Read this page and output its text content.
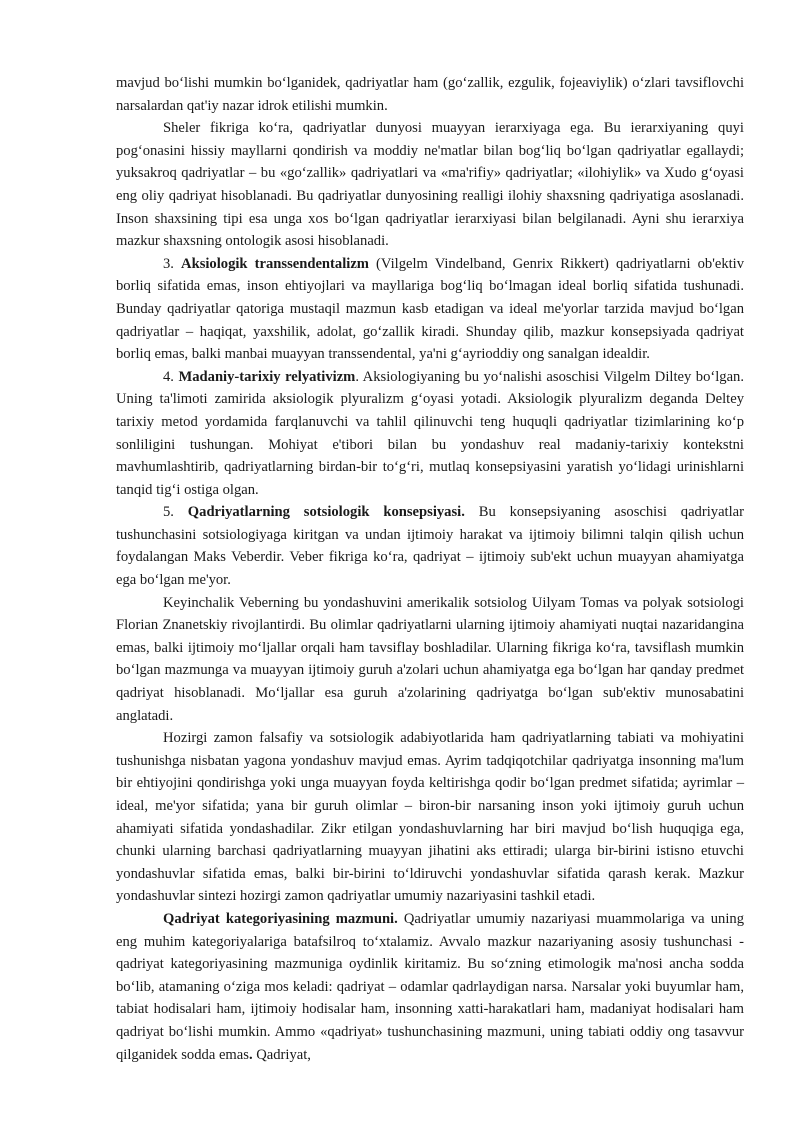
mavjud boʻlishi mumkin boʻlganidek, qadriyatlar ham (goʻzallik, ezgulik, fojeaviylik) oʻzlari tavsiflovchi narsalardan qat'iy nazar idrok etilishi mumkin.

Sheler fikriga koʻra, qadriyatlar dunyosi muayyan ierarxiyaga ega. Bu ierarxiyaning quyi pogʻonasini hissiy mayllarni qondirish va moddiy ne'matlar bilan bogʻliq boʻlgan qadriyatlar egallaydi; yuksakroq qadriyatlar – bu «goʻzallik» qadriyatlari va «ma'rifiy» qadriyatlar; «ilohiylik» va Xudo gʻoyasi eng oliy qadriyat hisoblanadi. Bu qadriyatlar dunyosining realligi ilohiy shaxsning qadriyatiga asoslanadi. Inson shaxsining tipi esa unga xos boʻlgan qadriyatlar ierarxiyasi bilan belgilanadi. Ayni shu ierarxiya mazkur shaxsning ontologik asosi hisoblanadi.

3. Aksiologik transsendentalizm (Vilgelm Vindelband, Genrix Rikkert) qadriyatlarni ob'ektiv borliq sifatida emas, inson ehtiyojlari va mayllariga bogʻliq boʻlmagan ideal borliq sifatida tushunadi. Bunday qadriyatlar qatoriga mustaqil mazmun kasb etadigan va ideal me'yorlar tarzida mavjud boʻlgan qadriyatlar – haqiqat, yaxshilik, adolat, goʻzallik kiradi. Shunday qilib, mazkur konsepsiyada qadriyat borliq emas, balki manbai muayyan transsendental, ya'ni gʻayrioddiy ong sanalgan idealdir.

4. Madaniy-tarixiy relyativizm. Aksiologiyaning bu yoʻnalishi asoschisi Vilgelm Diltey boʻlgan. Uning ta'limoti zamirida aksiologik plyuralizm gʻoyasi yotadi. Aksiologik plyuralizm deganda Deltey tarixiy metod yordamida farqlanuvchi va tahlil qilinuvchi teng huquqli qadriyatlar tizimlarining koʻp sonliligini tushungan. Mohiyat e'tibori bilan bu yondashuv real madaniy-tarixiy kontekstni mavhumlashtirib, qadriyatlarning birdan-bir toʻgʻri, mutlaq konsepsiyasini yaratish yoʻlidagi urinishlarni tanqid tigʻi ostiga olgan.

5. Qadriyatlarning sotsiologik konsepsiyasi. Bu konsepsiyaning asoschisi qadriyatlar tushunchasini sotsiologiyaga kiritgan va undan ijtimoiy harakat va ijtimoiy bilimni talqin qilish uchun foydalangan Maks Veberdir. Veber fikriga koʻra, qadriyat – ijtimoiy sub'ekt uchun muayyan ahamiyatga ega boʻlgan me'yor.

Keyinchalik Veberning bu yondashuvini amerikalik sotsiolog Uilyam Tomas va polyak sotsiologi Florian Znanetskiy rivojlantirdi. Bu olimlar qadriyatlarni ularning ijtimoiy ahamiyati nuqtai nazaridangina emas, balki ijtimoiy moʻljallar orqali ham tavsiflay boshladilar. Ularning fikriga koʻra, tavsiflash mumkin boʻlgan mazmunga va muayyan ijtimoiy guruh a'zolari uchun ahamiyatga ega boʻlgan har qanday predmet qadriyat hisoblanadi. Moʻljallar esa guruh a'zolarining qadriyatga boʻlgan sub'ektiv munosabatini anglatadi.

Hozirgi zamon falsafiy va sotsiologik adabiyotlarida ham qadriyatlarning tabiati va mohiyatini tushunishga nisbatan yagona yondashuv mavjud emas. Ayrim tadqiqotchilar qadriyatga insonning ma'lum bir ehtiyojini qondirishga yoki unga muayyan foyda keltirishga qodir boʻlgan predmet sifatida; ayrimlar – ideal, me'yor sifatida; yana bir guruh olimlar – biron-bir narsaning inson yoki ijtimoiy guruh uchun ahamiyati sifatida yondashadilar. Zikr etilgan yondashuvlarning har biri mavjud boʻlish huquqiga ega, chunki ularning barchasi qadriyatlarning muayyan jihatini aks ettiradi; ularga bir-birini istisno etuvchi yondashuvlar sifatida emas, balki bir-birini toʻldiruvchi yondashuvlar sifatida qarash kerak. Mazkur yondashuvlar sintezi hozirgi zamon qadriyatlar umumiy nazariyasini tashkil etadi.

Qadriyat kategoriyasining mazmuni. Qadriyatlar umumiy nazariyasi muammolariga va uning eng muhim kategoriyalariga batafsilroq toʻxtalamiz. Avvalo mazkur nazariyaning asosiy tushunchasi - qadriyat kategoriyasining mazmuniga oydinlik kiritamiz. Bu soʻzning etimologik ma'nosi ancha sodda boʻlib, atamaning oʻziga mos keladi: qadriyat – odamlar qadrlaydigan narsa. Narsalar yoki buyumlar ham, tabiat hodisalari ham, ijtimoiy hodisalar ham, insonning xatti-harakatlari ham, madaniyat hodisalari ham qadriyat boʻlishi mumkin. Ammo «qadriyat» tushunchasining mazmuni, uning tabiati oddiy ong tasavvur qilganidek sodda emas. Qadriyat,
